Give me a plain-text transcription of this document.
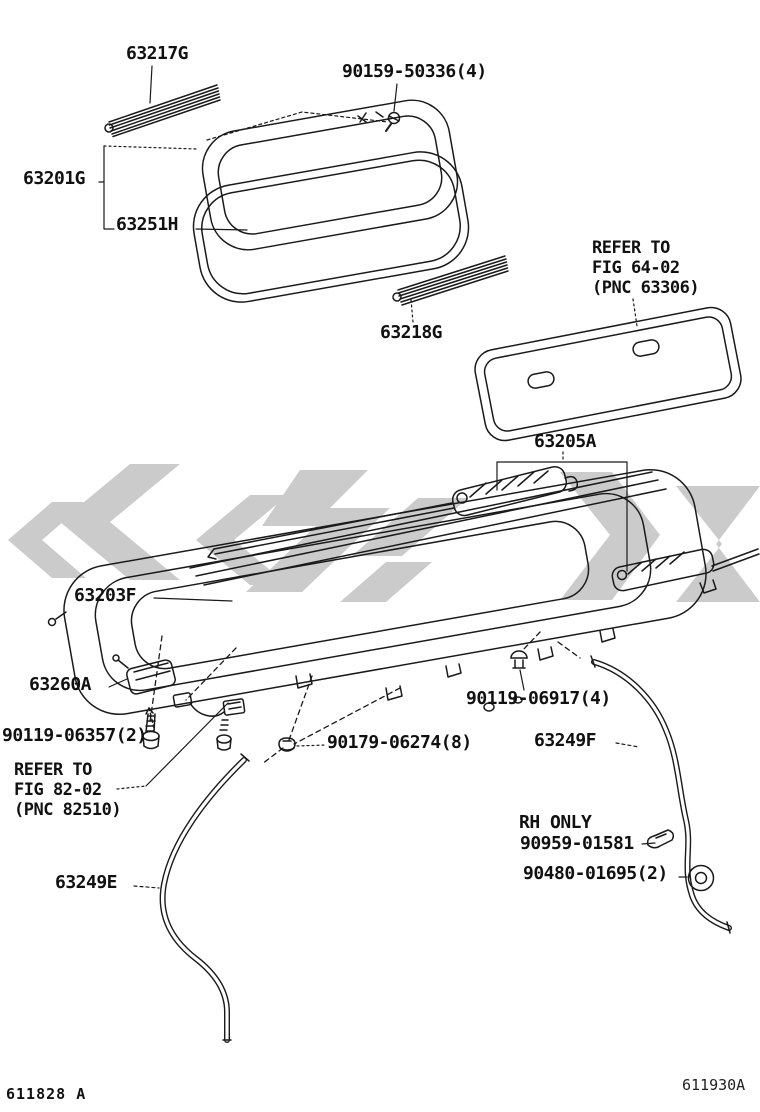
63217G
90159-50336(4)
63201G
63251H
63218G
63205A
63203F
63260A
90119-06357(2)	90179-06274(8)
90119-06917(4)
63249F
RH ONLY
90959-01581
90480-01695(2)
63249E
REFER TO
FIG 64-02
(PNC 63306)
REFER TO
FIG 82-02
(PNC 82510)
611828 A	611930A
